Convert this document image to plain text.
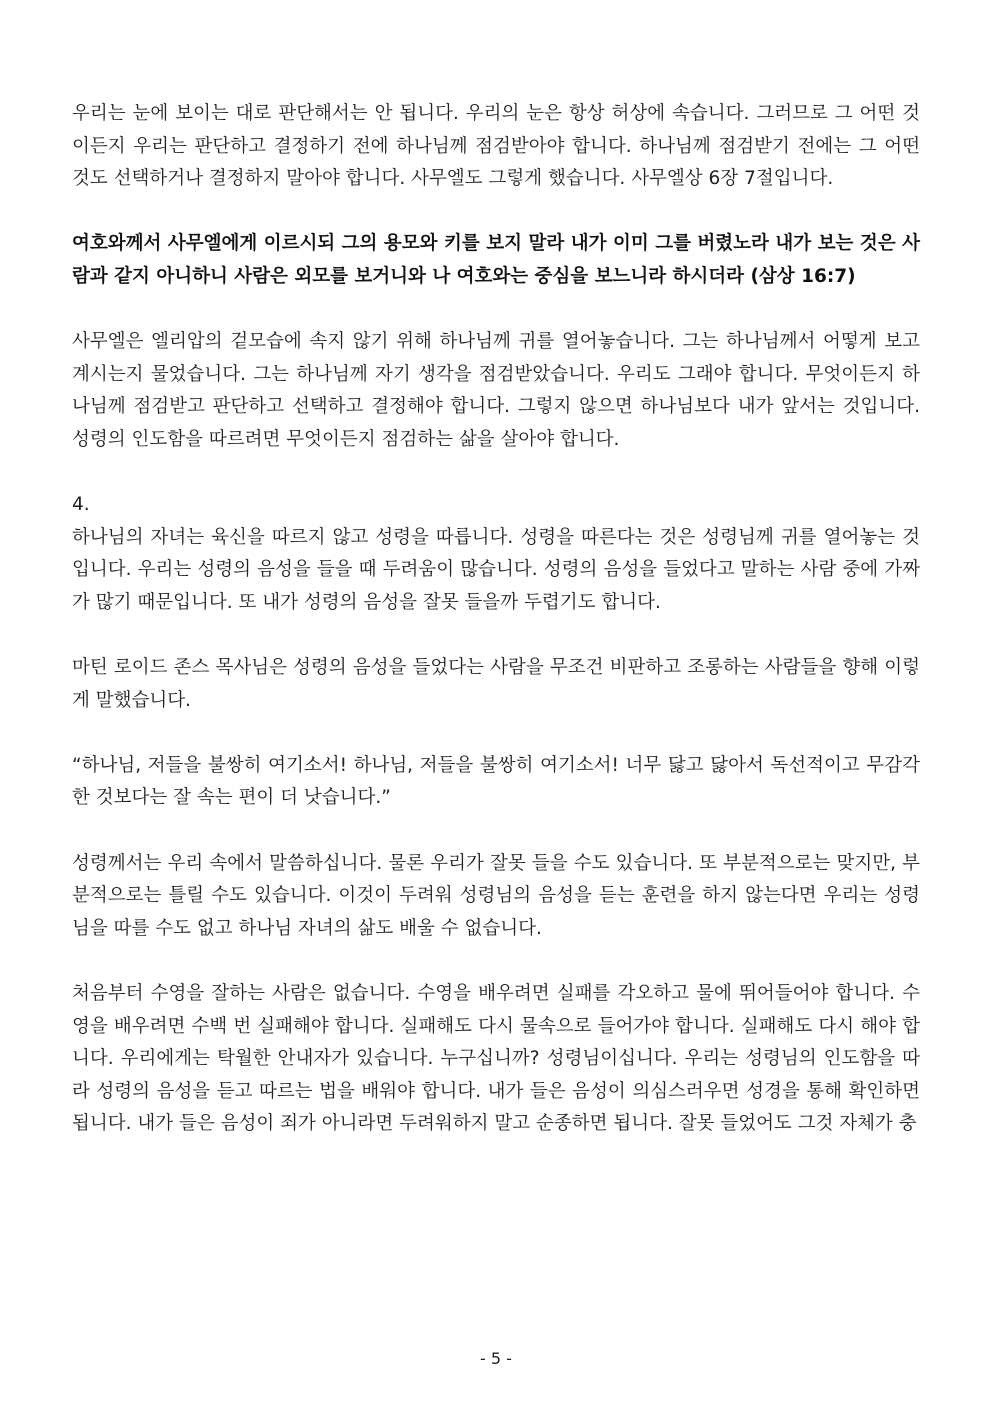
우리는 눈에 보이는 대로 판단해서는 안 됩니다. 우리의 눈은 항상 허상에 속습니다. 그러므로 그 어떤 것이든지 우리는 판단하고 결정하기 전에 하나님께 점검받아야 합니다. 하나님께 점검받기 전에는 그 어떤 것도 선택하거나 결정하지 말아야 합니다. 사무엘도 그렇게 했습니다. 사무엘상 6장 7절입니다.

여호와께서 사무엘에게 이르시되 그의 용모와 키를 보지 말라 내가 이미 그를 버렸노라 내가 보는 것은 사람과 같지 아니하니 사람은 외모를 보거니와 나 여호와는 중심을 보느니라 하시더라 (삼상 16:7)

사무엘은 엘리압의 겉모습에 속지 않기 위해 하나님께 귀를 열어놓습니다. 그는 하나님께서 어떻게 보고 계시는지 물었습니다. 그는 하나님께 자기 생각을 점검받았습니다. 우리도 그래야 합니다. 무엇이든지 하나님께 점검받고 판단하고 선택하고 결정해야 합니다. 그렇지 않으면 하나님보다 내가 앞서는 것입니다. 성령의 인도함을 따르려면 무엇이든지 점검하는 삶을 살아야 합니다.

4.

하나님의 자녀는 육신을 따르지 않고 성령을 따릅니다. 성령을 따른다는 것은 성령님께 귀를 열어놓는 것입니다. 우리는 성령의 음성을 들을 때 두려움이 많습니다. 성령의 음성을 들었다고 말하는 사람 중에 가짜가 많기 때문입니다. 또 내가 성령의 음성을 잘못 들을까 두렵기도 합니다.

마틴 로이드 존스 목사님은 성령의 음성을 들었다는 사람을 무조건 비판하고 조롱하는 사람들을 향해 이렇게 말했습니다.

“하나님, 저들을 불쌍히 여기소서! 하나님, 저들을 불쌍히 여기소서! 너무 닳고 닳아서 독선적이고 무감각한 것보다는 잘 속는 편이 더 낫습니다.”

성령께서는 우리 속에서 말씀하십니다. 물론 우리가 잘못 들을 수도 있습니다. 또 부분적으로는 맞지만, 부분적으로는 틀릴 수도 있습니다. 이것이 두려워 성령님의 음성을 듣는 훈련을 하지 않는다면 우리는 성령님을 따를 수도 없고 하나님 자녀의 삶도 배울 수 없습니다.

처음부터 수영을 잘하는 사람은 없습니다. 수영을 배우려면 실패를 각오하고 물에 뛰어들어야 합니다. 수영을 배우려면 수백 번 실패해야 합니다. 실패해도 다시 물속으로 들어가야 합니다. 실패해도 다시 해야 합니다. 우리에게는 탁월한 안내자가 있습니다. 누구십니까? 성령님이십니다. 우리는 성령님의 인도함을 따라 성령의 음성을 듣고 따르는 법을 배워야 합니다. 내가 들은 음성이 의심스러우면 성경을 통해 확인하면 됩니다. 내가 들은 음성이 죄가 아니라면 두려워하지 말고 순종하면 됩니다. 잘못 들었어도 그것 자체가 충

- 5 -
